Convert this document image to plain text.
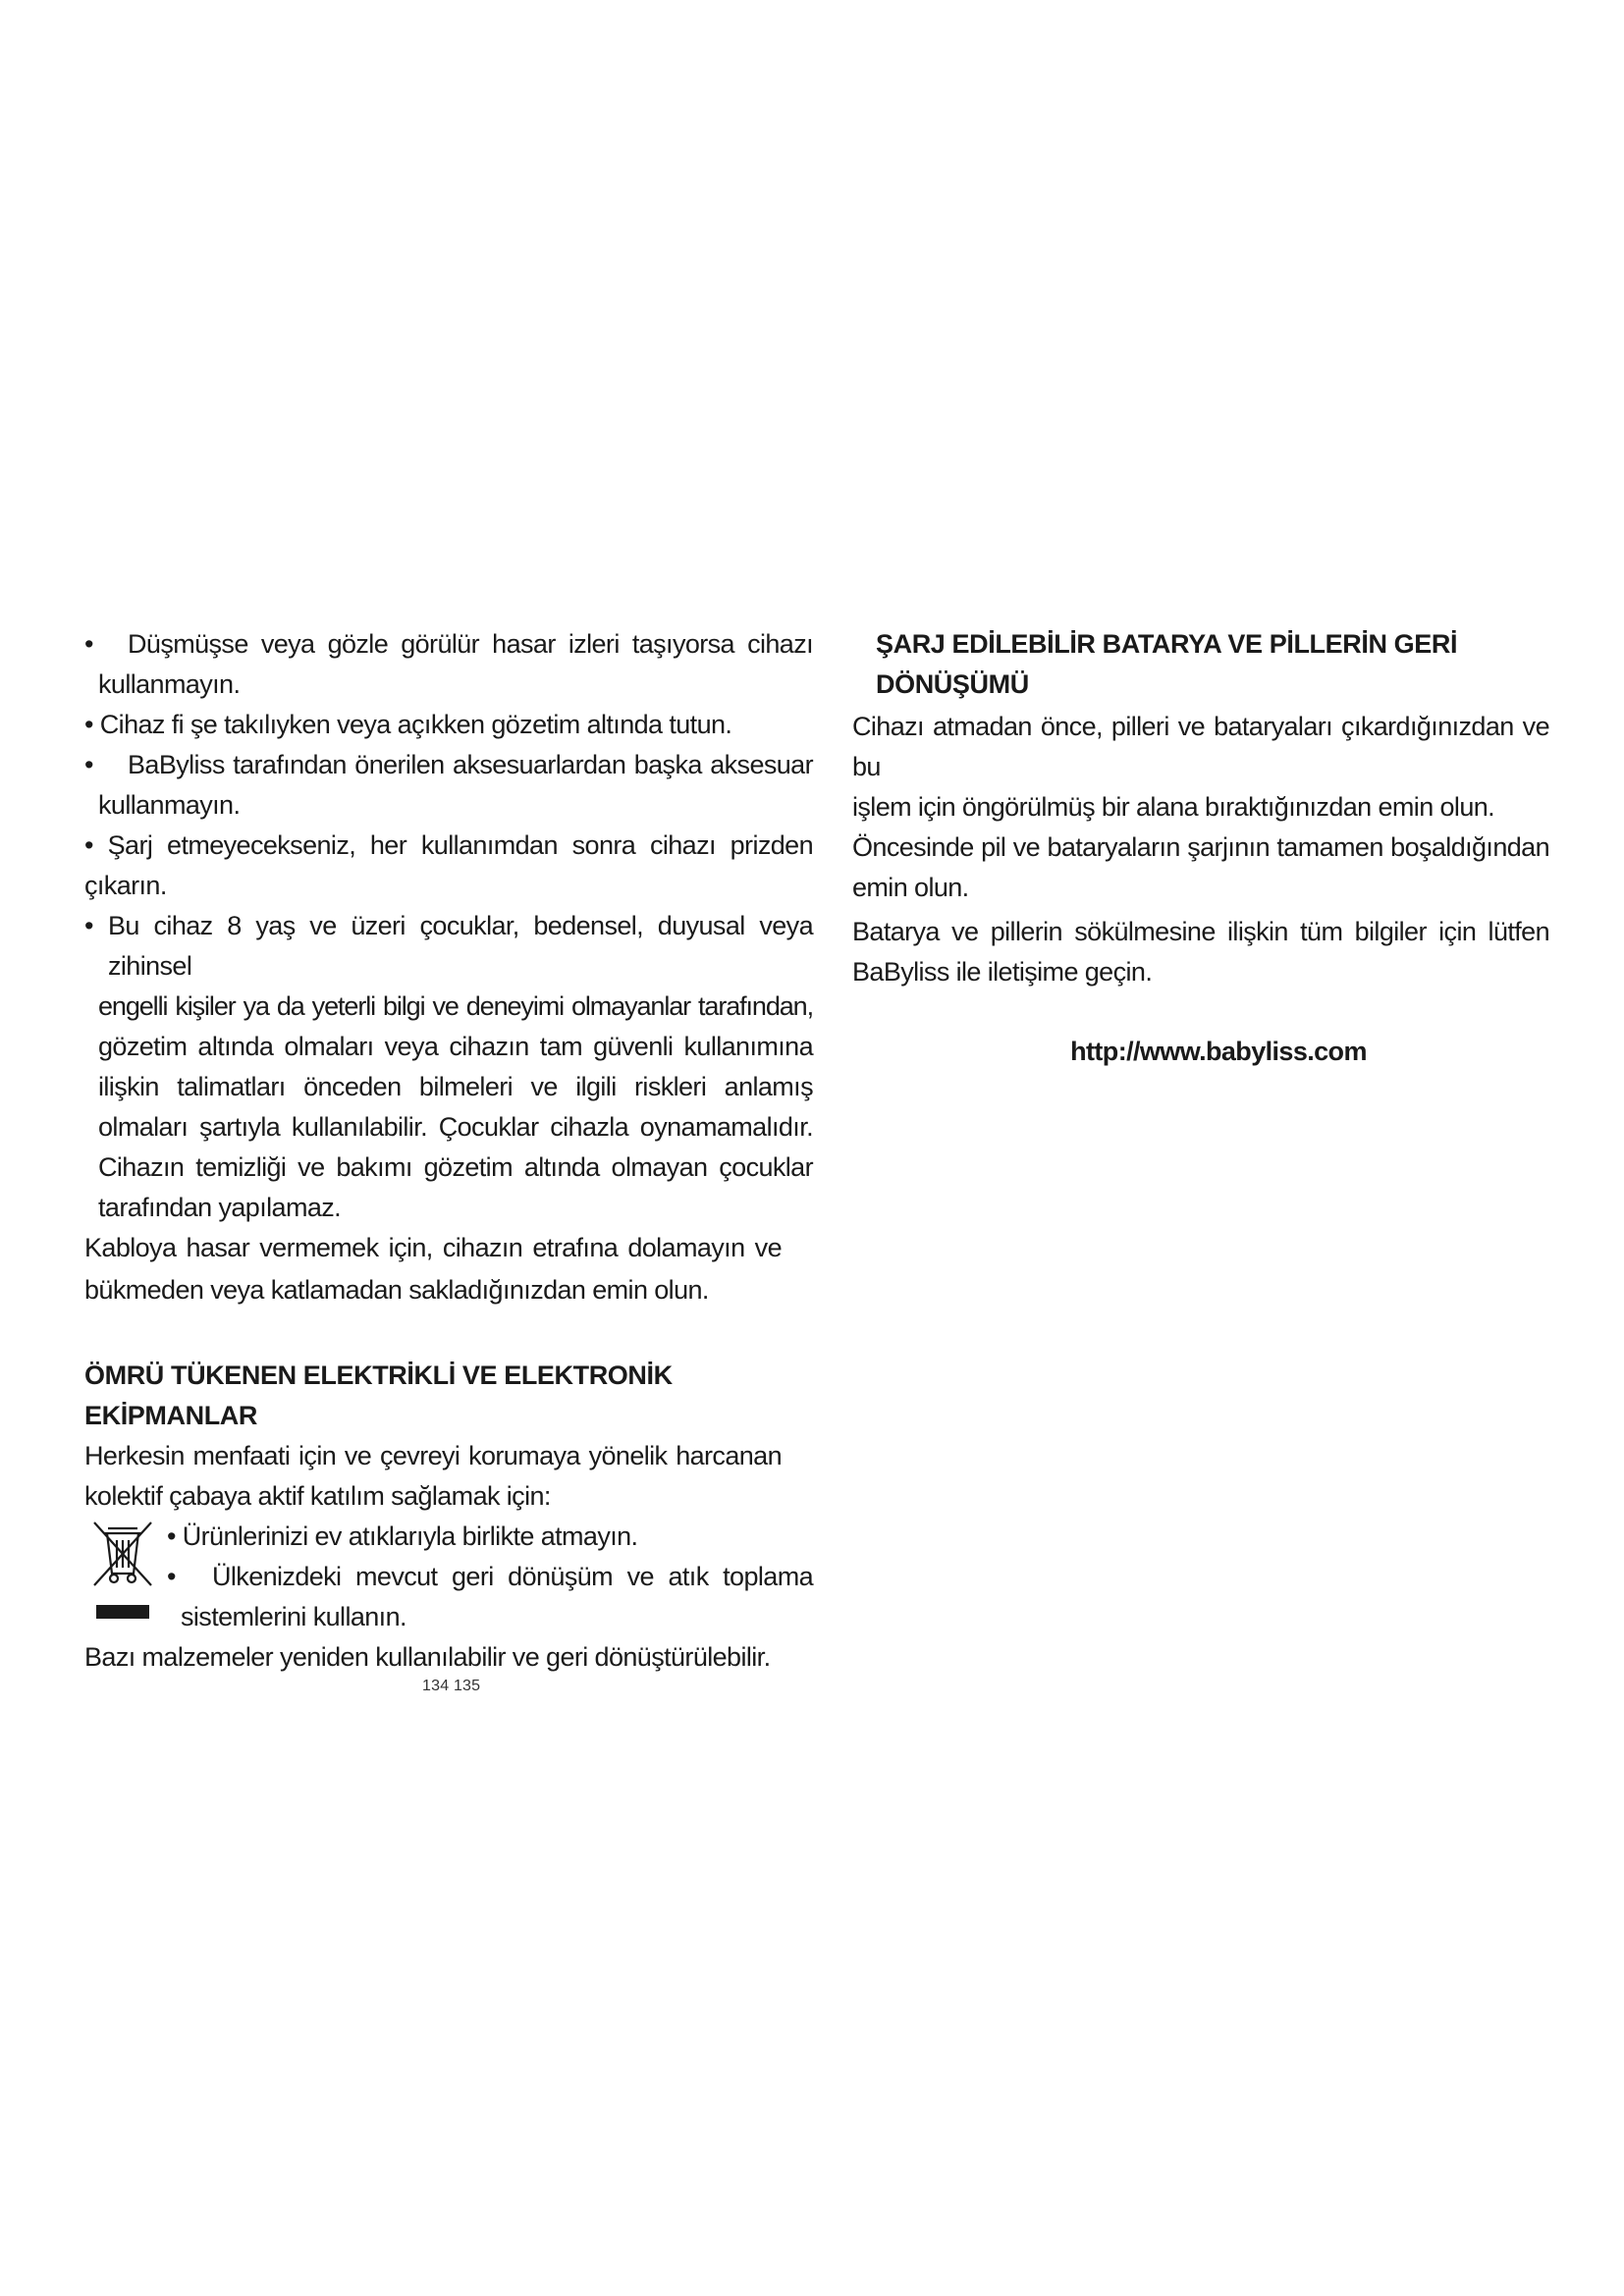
•	Düşmüşse veya gözle görülür hasar izleri taşıyorsa cihazı
kullanmayın.

• Cihaz fi şe takılıyken veya açıkken gözetim altında tutun.

•	BaByliss tarafından önerilen aksesuarlardan başka aksesuar
kullanmayın.

• Şarj etmeyecekseniz, her kullanımdan sonra cihazı prizden çıkarın.

• Bu cihaz 8 yaş ve üzeri çocuklar, bedensel, duyusal veya zihinsel
engelli kişiler ya da yeterli bilgi ve deneyimi olmayanlar tarafından,
gözetim altında olmaları veya cihazın tam güvenli kullanımına
ilişkin talimatları önceden bilmeleri ve ilgili riskleri anlamış
olmaları şartıyla kullanılabilir. Çocuklar cihazla oynamamalıdır.
Cihazın temizliği ve bakımı gözetim altında olmayan çocuklar
tarafından yapılamaz.

Kabloya hasar vermemek için, cihazın etrafına dolamayın ve
bükmeden veya katlamadan sakladığınızdan emin olun.

ÖMRÜ TÜKENEN ELEKTRİKLİ VE ELEKTRONİK EKİPMANLAR

Herkesin menfaati için ve çevreyi korumaya yönelik harcanan
kolektif çabaya aktif katılım sağlamak için:

• Ürünlerinizi ev atıklarıyla birlikte atmayın.

•	Ülkenizdeki mevcut geri dönüşüm ve atık toplama
sistemlerini kullanın.

Bazı malzemeler yeniden kullanılabilir ve geri dönüştürülebilir.

ŞARJ EDİLEBİLİR BATARYA VE PİLLERİN GERİ DÖNÜŞÜMÜ

Cihazı atmadan önce, pilleri ve bataryaları çıkardığınızdan ve bu
işlem için öngörülmüş bir alana bıraktığınızdan emin olun.

Öncesinde pil ve bataryaların şarjının tamamen boşaldığından
emin olun.

Batarya ve pillerin sökülmesine ilişkin tüm bilgiler için lütfen
BaByliss ile iletişime geçin.

http://www.babyliss.com

134 135
